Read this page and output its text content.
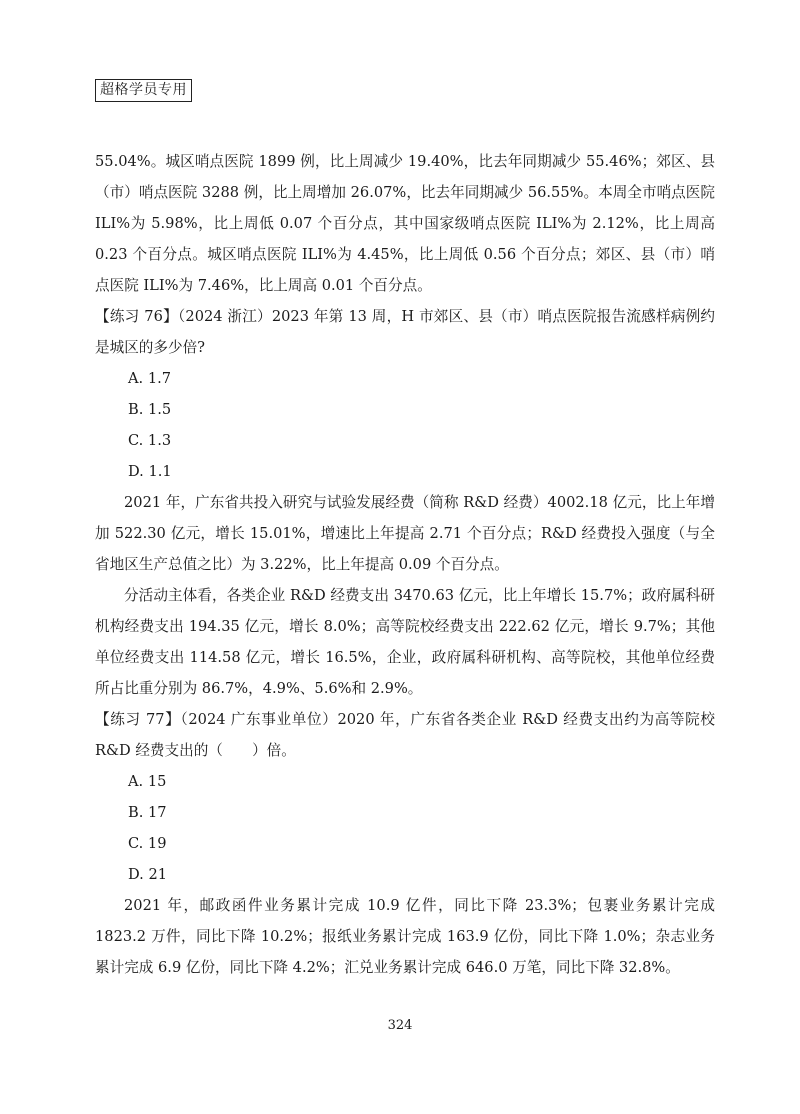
超格学员专用

55.04%。城区哨点医院 1899 例，比上周减少 19.40%，比去年同期减少 55.46%；郊区、县（市）哨点医院 3288 例，比上周增加 26.07%，比去年同期减少 56.55%。本周全市哨点医院 ILI%为 5.98%，比上周低 0.07 个百分点，其中国家级哨点医院 ILI%为 2.12%，比上周高 0.23 个百分点。城区哨点医院 ILI%为 4.45%，比上周低 0.56 个百分点；郊区、县（市）哨点医院 ILI%为 7.46%，比上周高 0.01 个百分点。

【练习 76】（2024 浙江）2023 年第 13 周，H 市郊区、县（市）哨点医院报告流感样病例约是城区的多少倍?

A. 1.7

B. 1.5

C. 1.3

D. 1.1

2021 年，广东省共投入研究与试验发展经费（简称 R&D 经费）4002.18 亿元，比上年增加 522.30 亿元，增长 15.01%，增速比上年提高 2.71 个百分点；R&D 经费投入强度（与全省地区生产总值之比）为 3.22%，比上年提高 0.09 个百分点。

分活动主体看，各类企业 R&D 经费支出 3470.63 亿元，比上年增长 15.7%；政府属科研机构经费支出 194.35 亿元，增长 8.0%；高等院校经费支出 222.62 亿元，增长 9.7%；其他单位经费支出 114.58 亿元，增长 16.5%，企业，政府属科研机构、高等院校，其他单位经费所占比重分别为 86.7%，4.9%、5.6%和 2.9%。

【练习 77】（2024 广东事业单位）2020 年，广东省各类企业 R&D 经费支出约为高等院校 R&D 经费支出的（　　）倍。

A. 15

B. 17

C. 19

D. 21

2021 年，邮政函件业务累计完成 10.9 亿件，同比下降 23.3%；包裹业务累计完成 1823.2 万件，同比下降 10.2%；报纸业务累计完成 163.9 亿份，同比下降 1.0%；杂志业务累计完成 6.9 亿份，同比下降 4.2%；汇兑业务累计完成 646.0 万笔，同比下降 32.8%。

324
